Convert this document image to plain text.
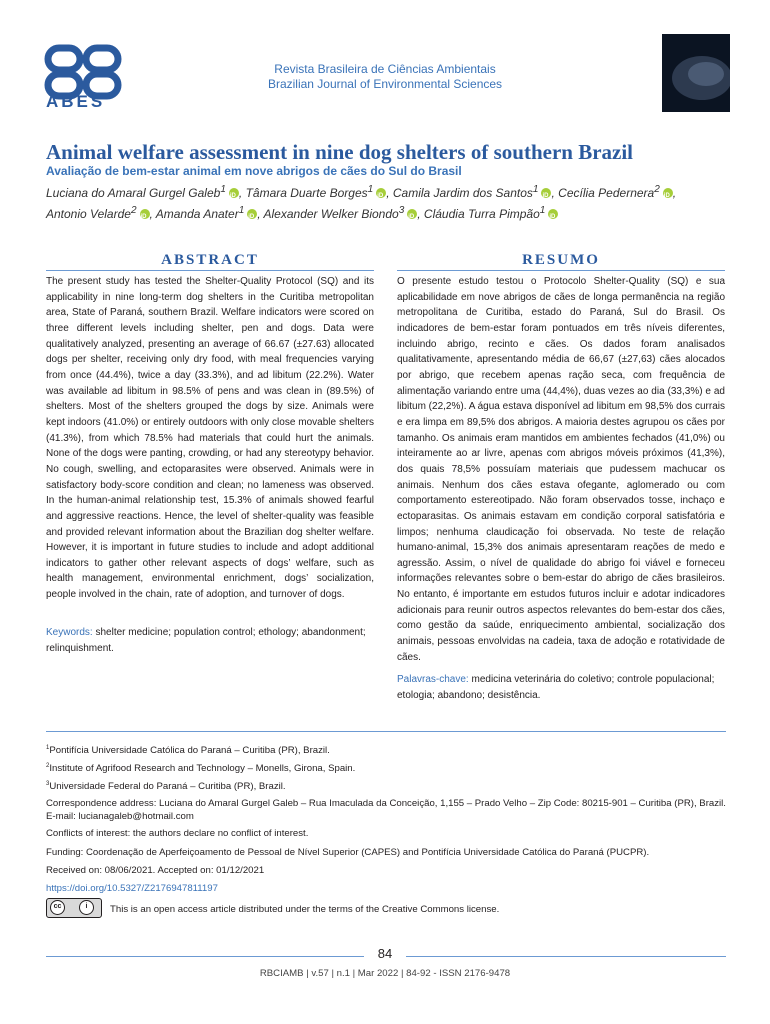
ABES
Revista Brasileira de Ciências Ambientais
Brazilian Journal of Environmental Sciences
Animal welfare assessment in nine dog shelters of southern Brazil
Avaliação de bem-estar animal em nove abrigos de cães do Sul do Brasil
Luciana do Amaral Gurgel Galeb$^1$ iD , Tâmara Duarte Borges$^1$ iD , Camila Jardim dos Santos$^1$ iD , Cecília Pedernera$^2$ iD ,
Antonio Velarde$^2$ iD , Amanda Anater$^1$ iD , Alexander Welker Biondo$^3$ iD , Cláudia Turra Pimpão$^1$iD
ABSTRACT

The present study has tested the Shelter-Quality Protocol (SQ) and its applicability in nine long-term dog shelters in the Curitiba metropolitan area, State of Paraná, southern Brazil. Welfare indicators were scored on three different levels including shelter, pen and dogs. Data were qualitatively analyzed, presenting an average of 66.67 (±27.63) allocated dogs per shelter, receiving only dry food, with meal frequencies varying from once (44.4%), twice a day (33.3%), and ad libitum (22.2%). Water was available ad libitum in 98.5% of pens and was clean in (89.5%) of shelters. Most of the shelters grouped the dogs by size. Animals were kept indoors (41.0%) or entirely outdoors with only close movable shelters (41.3%), from which 78.5% had materials that could hurt the animals. None of the dogs were panting, crowding, or had any stereotypy behavior. No cough, swelling, and ectoparasites were observed. Animals were in satisfactory body-score condition and clean; no lameness was observed. In the human-animal relationship test, 15.3% of animals showed fearful and aggressive reactions. Hence, the level of shelter-quality was feasible and provided relevant information about the Brazilian dog shelter welfare. However, it is important in future studies to include and adopt additional indicators to gather other relevant aspects of dogs’ welfare, such as health management, environmental enrichment, dogs’ socialization, people involved in the chain, rate of adoption, and turnover of dogs.

Keywords: shelter medicine; population control; ethology; abandonment; relinquishment.
RESUMO

O presente estudo testou o Protocolo Shelter-Quality (SQ) e sua aplicabilidade em nove abrigos de cães de longa permanência na região metropolitana de Curitiba, estado do Paraná, Sul do Brasil. Os indicadores de bem-estar foram pontuados em três níveis diferentes, incluindo abrigo, recinto e cães. Os dados foram analisados qualitativamente, apresentando média de 66,67 (±27,63) cães alocados por abrigo, que recebem apenas ração seca, com frequência de alimentação variando entre uma (44,4%), duas vezes ao dia (33,3%) e ad libitum (22,2%). A água estava disponível ad libitum em 98,5% dos currais e era limpa em 89,5% dos abrigos. A maioria destes agrupou os cães por tamanho. Os animais eram mantidos em ambientes fechados (41,0%) ou inteiramente ao ar livre, apenas com abrigos móveis próximos (41,3%), dos quais 78,5% possuíam materiais que pudessem machucar os animais. Nenhum dos cães estava ofegante, aglomerado ou com comportamento estereotipado. Não foram observados tosse, inchaço e ectoparasitas. Os animais estavam em condição corporal satisfatória e limpos; nenhuma claudicação foi observada. No teste de relação humano-animal, 15,3% dos animais apresentaram reações de medo e agressão. Assim, o nível de qualidade do abrigo foi viável e forneceu informações relevantes sobre o bem-estar do abrigo de cães brasileiros. No entanto, é importante em estudos futuros incluir e adotar indicadores adicionais para reunir outros aspectos relevantes do bem-estar dos cães, como gestão da saúde, enriquecimento ambiental, socialização dos animais, pessoas envolvidas na cadeia, taxa de adoção e rotatividade de cães.

Palavras-chave: medicina veterinária do coletivo; controle populacional; etologia; abandono; desistência.
$^1$Pontifícia Universidade Católica do Paraná – Curitiba (PR), Brazil.
$^2$Institute of Agrifood Research and Technology – Monells, Girona, Spain.
$^3$Universidade Federal do Paraná – Curitiba (PR), Brazil.
Correspondence address: Luciana do Amaral Gurgel Galeb – Rua Imaculada da Conceição, 1,155 – Prado Velho – Zip Code: 80215-901 – Curitiba (PR), Brazil. E-mail: lucianagaleb@hotmail.com
Conflicts of interest: the authors declare no conflict of interest.
Funding: Coordenação de Aperfeiçoamento de Pessoal de Nível Superior (CAPES) and Pontifícia Universidade Católica do Paraná (PUCPR).
Received on: 08/06/2021. Accepted on: 01/12/2021
https://doi.org/10.5327/Z2176947811197
cc	i	This is an open access article distributed under the terms of the Creative Commons license.
84
RBCIAMB | v.57 | n.1 | Mar 2022 | 84-92 - ISSN 2176-9478
